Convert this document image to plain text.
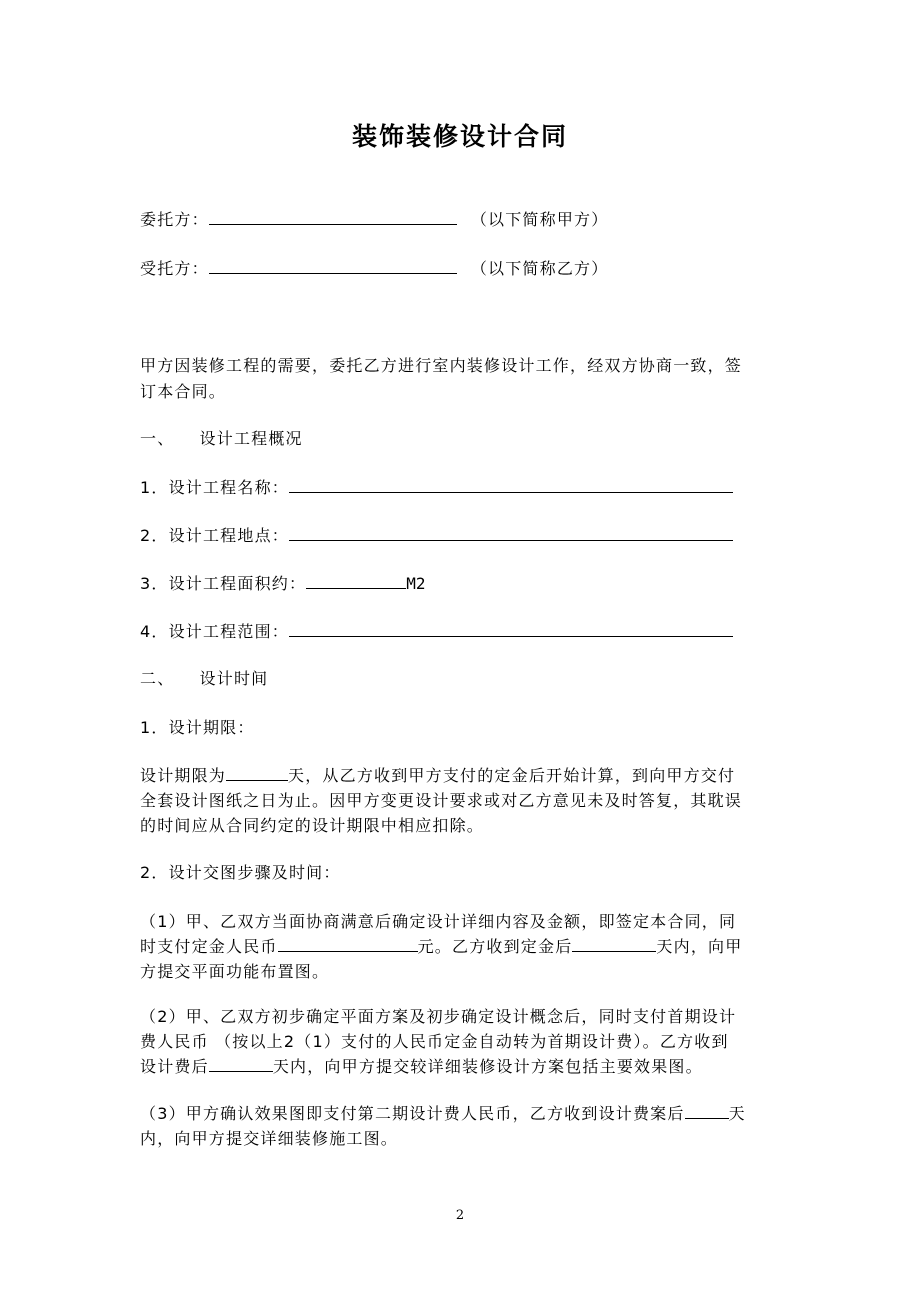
装饰装修设计合同
委托方：	（以下简称甲方）
受托方：	（以下简称乙方）
甲方因装修工程的需要，委托乙方进行室内装修设计工作，经双方协商一致，签
订本合同。
一、    设计工程概况
1．设计工程名称：
2．设计工程地点：
3．设计工程面积约：	M2
4．设计工程范围：
二、    设计时间
1．设计期限：
设计期限为	天，从乙方收到甲方支付的定金后开始计算，到向甲方交付
全套设计图纸之日为止。因甲方变更设计要求或对乙方意见未及时答复，其耽误
的时间应从合同约定的设计期限中相应扣除。
2．设计交图步骤及时间：
（1）甲、乙双方当面协商满意后确定设计详细内容及金额，即签定本合同，同
时支付定金人民币	元。乙方收到定金后	天内，向甲
方提交平面功能布置图。
（2）甲、乙双方初步确定平面方案及初步确定设计概念后，同时支付首期设计
费人民币 （按以上2（1）支付的人民币定金自动转为首期设计费）。乙方收到
设计费后	天内，向甲方提交较详细装修设计方案包括主要效果图。
（3）甲方确认效果图即支付第二期设计费人民币，乙方收到设计费案后	天
内，向甲方提交详细装修施工图。
2
